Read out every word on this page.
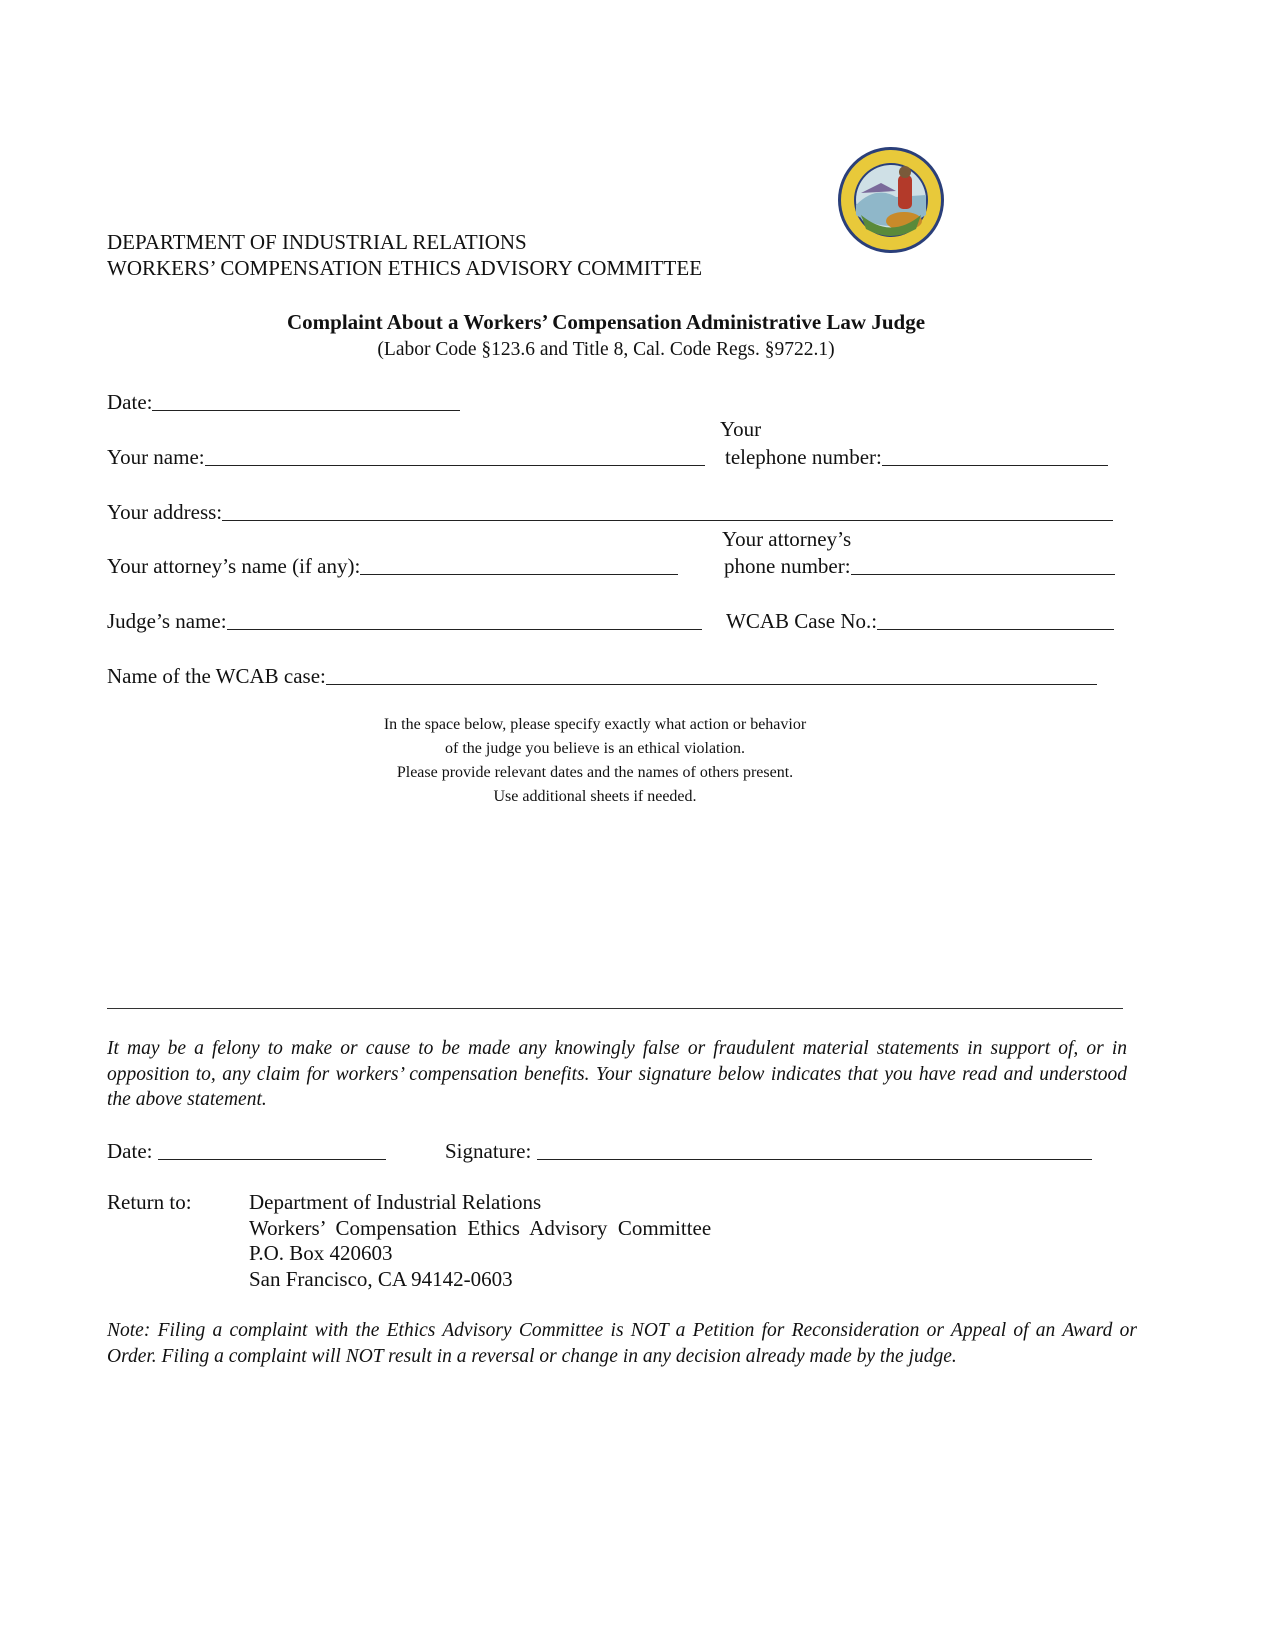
DEPARTMENT OF INDUSTRIAL RELATIONS
WORKERS’ COMPENSATION ETHICS ADVISORY COMMITTEE
Complaint About a Workers’ Compensation Administrative Law Judge
(Labor Code §123.6 and Title 8, Cal. Code Regs. §9722.1)
Date:
Your name:
Your
telephone number:
Your address:
Your attorney’s name (if any):
Your attorney’s
phone number:
Judge’s name:	WCAB Case No.:
Name of the WCAB case:
In the space below, please specify exactly what action or behavior
of the judge you believe is an ethical violation.
Please provide relevant dates and the names of others present.
Use additional sheets if needed.
It may be a felony to make or cause to be made any knowingly false or fraudulent material statements in support of, or in opposition to, any claim for workers’ compensation benefits. Your signature below indicates that you have read and understood the above statement.
Date:	Signature:
Return to:	Department of Industrial Relations
Workers’  Compensation  Ethics  Advisory  Committee
P.O. Box 420603
San Francisco, CA 94142-0603
Note: Filing a complaint with the Ethics Advisory Committee is NOT a Petition for Reconsideration or Appeal of an Award or Order. Filing a complaint will NOT result in a reversal or change in any decision already made by the judge.
